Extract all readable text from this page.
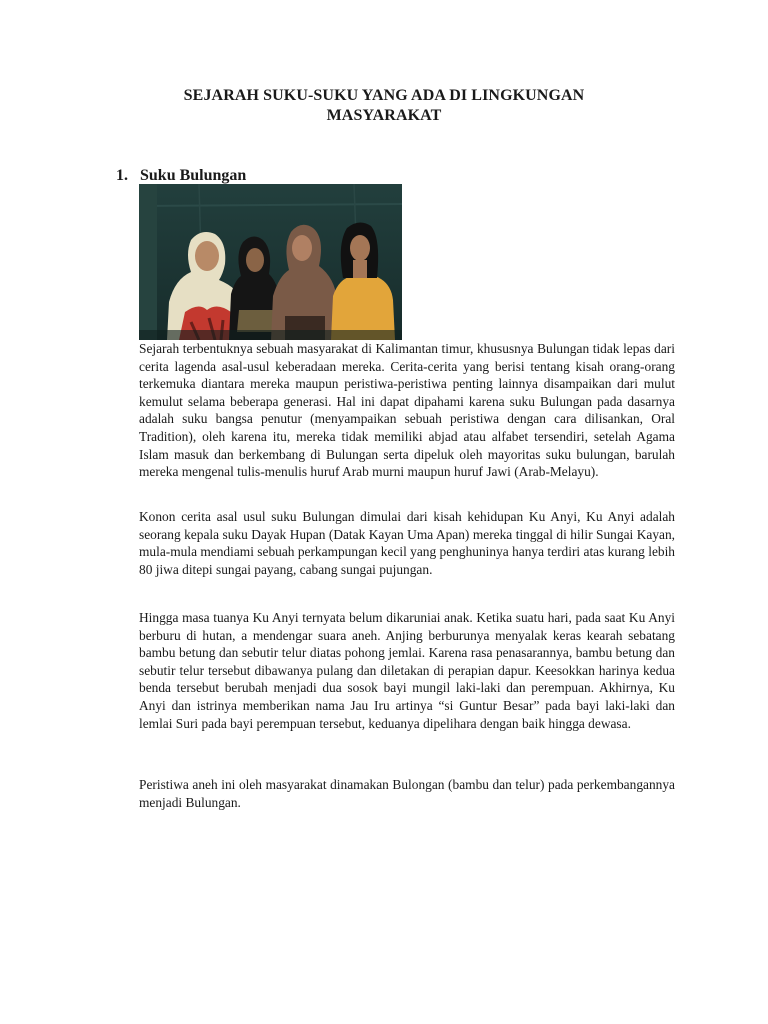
SEJARAH SUKU-SUKU YANG ADA DI LINGKUNGAN
MASYARAKAT
1. Suku Bulungan

Sejarah terbentuknya sebuah masyarakat di Kalimantan timur, khususnya Bulungan tidak lepas dari cerita lagenda asal-usul keberadaan mereka. Cerita-cerita yang berisi tentang kisah orang-orang terkemuka diantara mereka maupun peristiwa-peristiwa penting lainnya disampaikan dari mulut kemulut selama beberapa generasi. Hal ini dapat dipahami karena suku Bulungan pada dasarnya adalah suku bangsa penutur (menyampaikan sebuah peristiwa dengan cara dilisankan, Oral Tradition), oleh karena itu, mereka tidak memiliki abjad atau alfabet tersendiri, setelah Agama Islam masuk dan berkembang di Bulungan serta dipeluk oleh mayoritas suku bulungan, barulah mereka mengenal tulis-menulis huruf Arab murni maupun huruf Jawi (Arab-Melayu).

Konon cerita asal usul suku Bulungan dimulai dari kisah kehidupan Ku Anyi, Ku Anyi adalah seorang kepala suku Dayak Hupan (Datak Kayan Uma Apan) mereka tinggal di hilir Sungai Kayan, mula-mula mendiami sebuah perkampungan kecil yang penghuninya hanya terdiri atas kurang lebih 80 jiwa ditepi sungai payang, cabang sungai pujungan.

Hingga masa tuanya Ku Anyi ternyata belum dikaruniai anak. Ketika suatu hari, pada saat Ku Anyi berburu di hutan, a mendengar suara aneh. Anjing berburunya menyalak keras kearah sebatang bambu betung dan sebutir telur diatas pohong jemlai. Karena rasa penasarannya, bambu betung dan sebutir telur tersebut dibawanya pulang dan diletakan di perapian dapur. Keesokkan harinya kedua benda tersebut berubah menjadi dua sosok bayi mungil laki-laki dan perempuan. Akhirnya, Ku Anyi dan istrinya memberikan nama Jau Iru artinya “si Guntur Besar” pada bayi laki-laki dan lemlai Suri pada bayi perempuan tersebut, keduanya dipelihara dengan baik hingga dewasa.

Peristiwa aneh ini oleh masyarakat dinamakan Bulongan (bambu dan telur) pada perkembangannya menjadi Bulungan.
